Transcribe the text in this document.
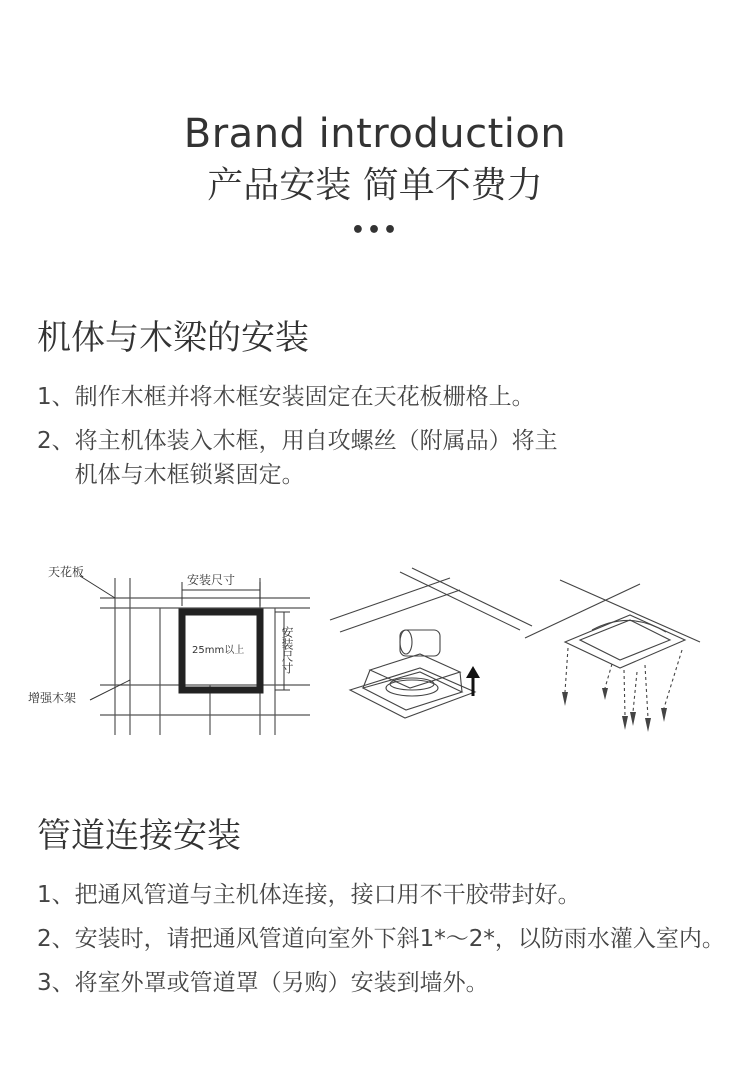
Brand introduction
产品安装 简单不费力
•••
机体与木梁的安装
1、 制作木框并将木框安装固定在天花板栅格上。
2、 将主机体装入木框，用自攻螺丝（附属品）将主机体与木框锁紧固定。
天花板
安装尺寸
25mm以上
增强木架
安装尺寸
管道连接安装
1、 把通风管道与主机体连接，接口用不干胶带封好。
2、 安装时，请把通风管道向室外下斜1*～2*，以防雨水灌入室内。
3、 将室外罩或管道罩（另购）安装到墙外。
